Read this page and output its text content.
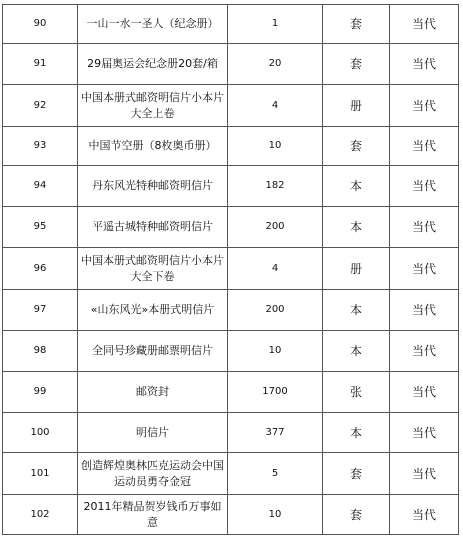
90	一山一水一圣人（纪念册）	1	套	当代
91	29届奥运会纪念册20套/箱	20	套	当代
92	中国本册式邮资明信片小本片大全上卷	4	册	当代
93	中国节空册（8枚奥币册）	10	套	当代
94	丹东风光特种邮资明信片	182	本	当代
95	平遥古城特种邮资明信片	200	本	当代
96	中国本册式邮资明信片小本片大全下卷	4	册	当代
97	«山东风光»本册式明信片	200	本	当代
98	全同号珍藏册邮票明信片	10	本	当代
99	邮资封	1700	张	当代
100	明信片	377	本	当代
101	创造辉煌奥林匹克运动会中国运动员勇夺金冠	5	套	当代
102	2011年精品贺岁钱币万事如意	10	套	当代
